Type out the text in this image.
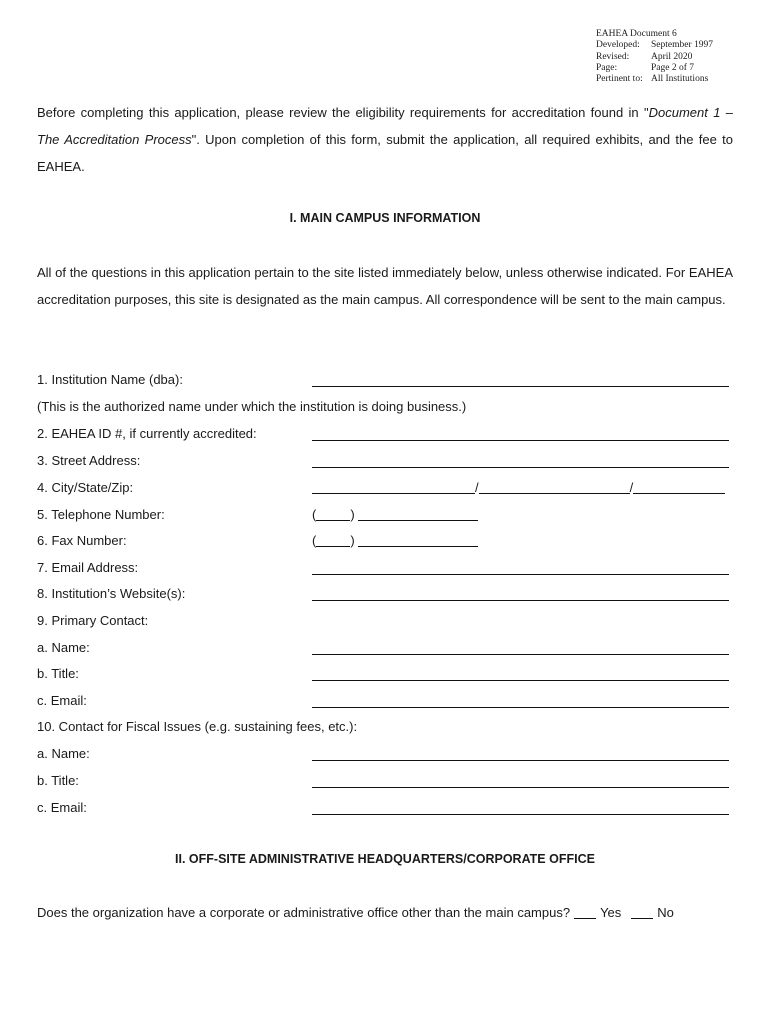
EAHEA Document 6
Developed:	September 1997
Revised:	April 2020
Page:	Page 2 of 7
Pertinent to: All Institutions
Before completing this application, please review the eligibility requirements for accreditation found in "Document 1 – The Accreditation Process". Upon completion of this form, submit the application, all required exhibits, and the fee to EAHEA.
I. MAIN CAMPUS INFORMATION
All of the questions in this application pertain to the site listed immediately below, unless otherwise indicated. For EAHEA accreditation purposes, this site is designated as the main campus. All correspondence will be sent to the main campus.
1. Institution Name (dba):
(This is the authorized name under which the institution is doing business.)
2. EAHEA ID #, if currently accredited:
3. Street Address:
4. City/State/Zip:	/	/
5. Telephone Number:	(	)
6. Fax Number:	(	)
7. Email Address:
8. Institution’s Website(s):
9. Primary Contact:
a. Name:
b. Title:
c. Email:
10. Contact for Fiscal Issues (e.g. sustaining fees, etc.):
a. Name:
b. Title:
c. Email:
II. OFF-SITE ADMINISTRATIVE HEADQUARTERS/CORPORATE OFFICE
Does the organization have a corporate or administrative office other than the main campus? Yes	No
